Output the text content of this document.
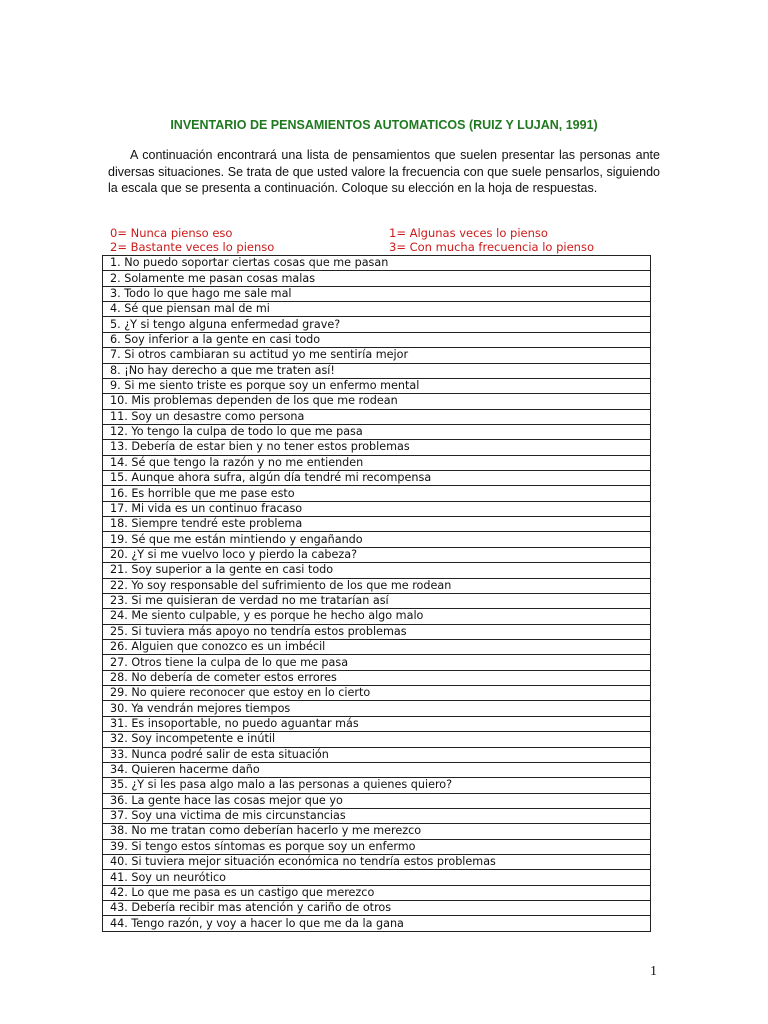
INVENTARIO DE PENSAMIENTOS AUTOMATICOS (RUIZ Y LUJAN, 1991)

A continuación encontrará una lista de pensamientos que suelen presentar las personas ante diversas situaciones. Se trata de que usted valore la frecuencia con que suele pensarlos, siguiendo la escala que se presenta a continuación. Coloque su elección en la hoja de respuestas.

0= Nunca pienso eso	1= Algunas veces lo pienso
2= Bastante veces lo pienso	3= Con mucha frecuencia lo pienso
1. No puedo soportar ciertas cosas que me pasan
2. Solamente me pasan cosas malas
3. Todo lo que hago me sale mal
4. Sé que piensan mal de mi
5. ¿Y si tengo alguna enfermedad grave?
6. Soy inferior a la gente en casi todo
7. Si otros cambiaran su actitud yo me sentiría mejor
8. ¡No hay derecho a que me traten así!
9. Si me siento triste es porque soy un enfermo mental
10. Mis problemas dependen de los que me rodean
11. Soy un desastre como persona
12. Yo tengo la culpa de todo lo que me pasa
13. Debería de estar bien y no tener estos problemas
14. Sé que tengo la razón y no me entienden
15. Aunque ahora sufra, algún día tendré mi recompensa
16. Es horrible que me pase esto
17. Mi vida es un continuo fracaso
18. Siempre tendré este problema
19. Sé que me están mintiendo y engañando
20. ¿Y si me vuelvo loco y pierdo la cabeza?
21. Soy superior a la gente en casi todo
22. Yo soy responsable del sufrimiento de los que me rodean
23. Si me quisieran de verdad no me tratarían así
24. Me siento culpable, y es porque he hecho algo malo
25. Si tuviera más apoyo no tendría estos problemas
26. Alguien que conozco es un imbécil
27. Otros tiene la culpa de lo que me pasa
28. No debería de cometer estos errores
29. No quiere reconocer que estoy en lo cierto
30. Ya vendrán mejores tiempos
31. Es insoportable, no puedo aguantar más
32. Soy incompetente e inútil
33. Nunca podré salir de esta situación
34. Quieren hacerme daño
35. ¿Y si les pasa algo malo a las personas a quienes quiero?
36. La gente hace las cosas mejor que yo
37. Soy una victima de mis circunstancias
38. No me tratan como deberían hacerlo y me merezco
39. Si tengo estos síntomas es porque soy un enfermo
40. Si tuviera mejor situación económica no tendría estos problemas
41. Soy un neurótico
42. Lo que me pasa es un castigo que merezco
43. Debería recibir mas atención y cariño de otros
44. Tengo razón, y voy a hacer lo que me da la gana
1
